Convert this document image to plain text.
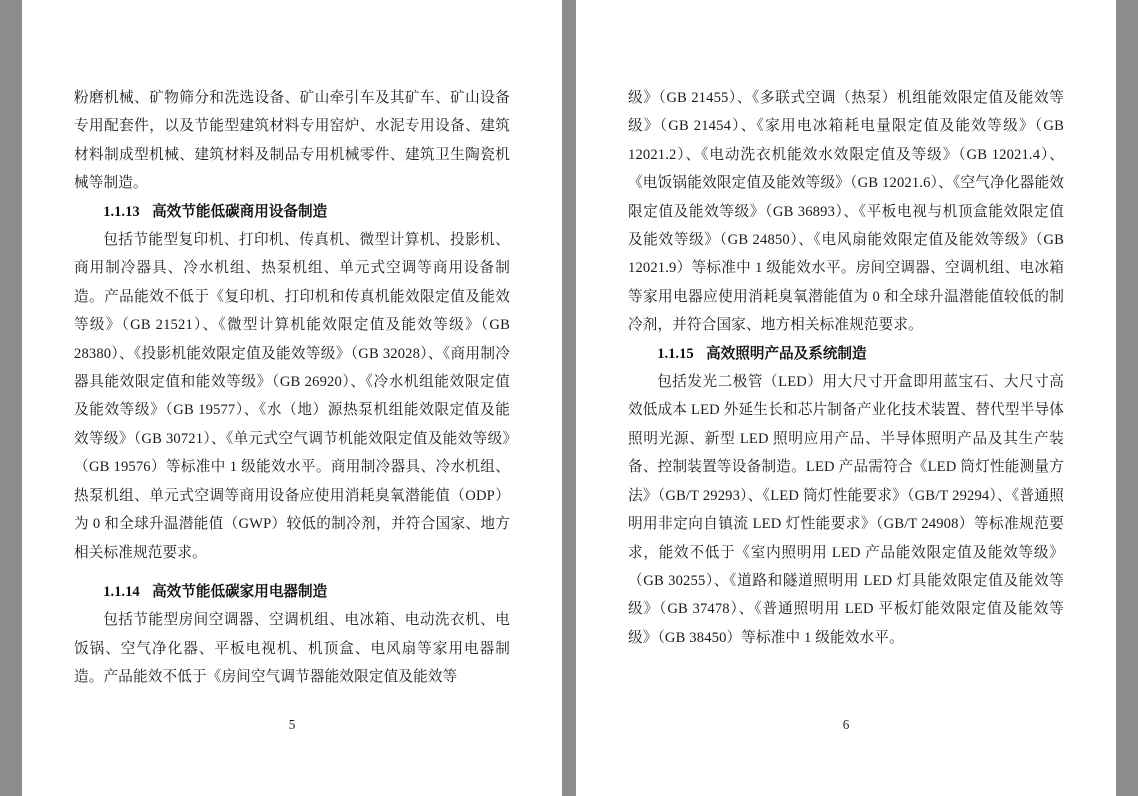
粉磨机械、矿物筛分和洗选设备、矿山牵引车及其矿车、矿山设备专用配套件，以及节能型建筑材料专用窑炉、水泥专用设备、建筑材料制成型机械、建筑材料及制品专用机械零件、建筑卫生陶瓷机械等制造。

1.1.13 高效节能低碳商用设备制造

包括节能型复印机、打印机、传真机、微型计算机、投影机、商用制冷器具、冷水机组、热泵机组、单元式空调等商用设备制造。产品能效不低于《复印机、打印机和传真机能效限定值及能效等级》（GB 21521）、《微型计算机能效限定值及能效等级》（GB 28380）、《投影机能效限定值及能效等级》（GB 32028）、《商用制冷器具能效限定值和能效等级》（GB 26920）、《冷水机组能效限定值及能效等级》（GB 19577）、《水（地）源热泵机组能效限定值及能效等级》（GB 30721）、《单元式空气调节机能效限定值及能效等级》（GB 19576）等标准中 1 级能效水平。商用制冷器具、冷水机组、热泵机组、单元式空调等商用设备应使用消耗臭氧潜能值（ODP）为 0 和全球升温潜能值（GWP）较低的制冷剂，并符合国家、地方相关标准规范要求。

1.1.14 高效节能低碳家用电器制造

包括节能型房间空调器、空调机组、电冰箱、电动洗衣机、电饭锅、空气净化器、平板电视机、机顶盒、电风扇等家用电器制造。产品能效不低于《房间空气调节器能效限定值及能效等

5

级》（GB 21455）、《多联式空调（热泵）机组能效限定值及能效等级》（GB 21454）、《家用电冰箱耗电量限定值及能效等级》（GB 12021.2）、《电动洗衣机能效水效限定值及等级》（GB 12021.4）、《电饭锅能效限定值及能效等级》（GB 12021.6）、《空气净化器能效限定值及能效等级》（GB 36893）、《平板电视与机顶盒能效限定值及能效等级》（GB 24850）、《电风扇能效限定值及能效等级》（GB 12021.9）等标准中 1 级能效水平。房间空调器、空调机组、电冰箱等家用电器应使用消耗臭氧潜能值为 0 和全球升温潜能值较低的制冷剂，并符合国家、地方相关标准规范要求。

1.1.15 高效照明产品及系统制造

包括发光二极管（LED）用大尺寸开盒即用蓝宝石、大尺寸高效低成本 LED 外延生长和芯片制备产业化技术装置、替代型半导体照明光源、新型 LED 照明应用产品、半导体照明产品及其生产装备、控制装置等设备制造。LED 产品需符合《LED 筒灯性能测量方法》（GB/T 29293）、《LED 筒灯性能要求》（GB/T 29294）、《普通照明用非定向自镇流 LED 灯性能要求》（GB/T 24908）等标准规范要求，能效不低于《室内照明用 LED 产品能效限定值及能效等级》（GB 30255）、《道路和隧道照明用 LED 灯具能效限定值及能效等级》（GB 37478）、《普通照明用 LED 平板灯能效限定值及能效等级》（GB 38450）等标准中 1 级能效水平。

6
